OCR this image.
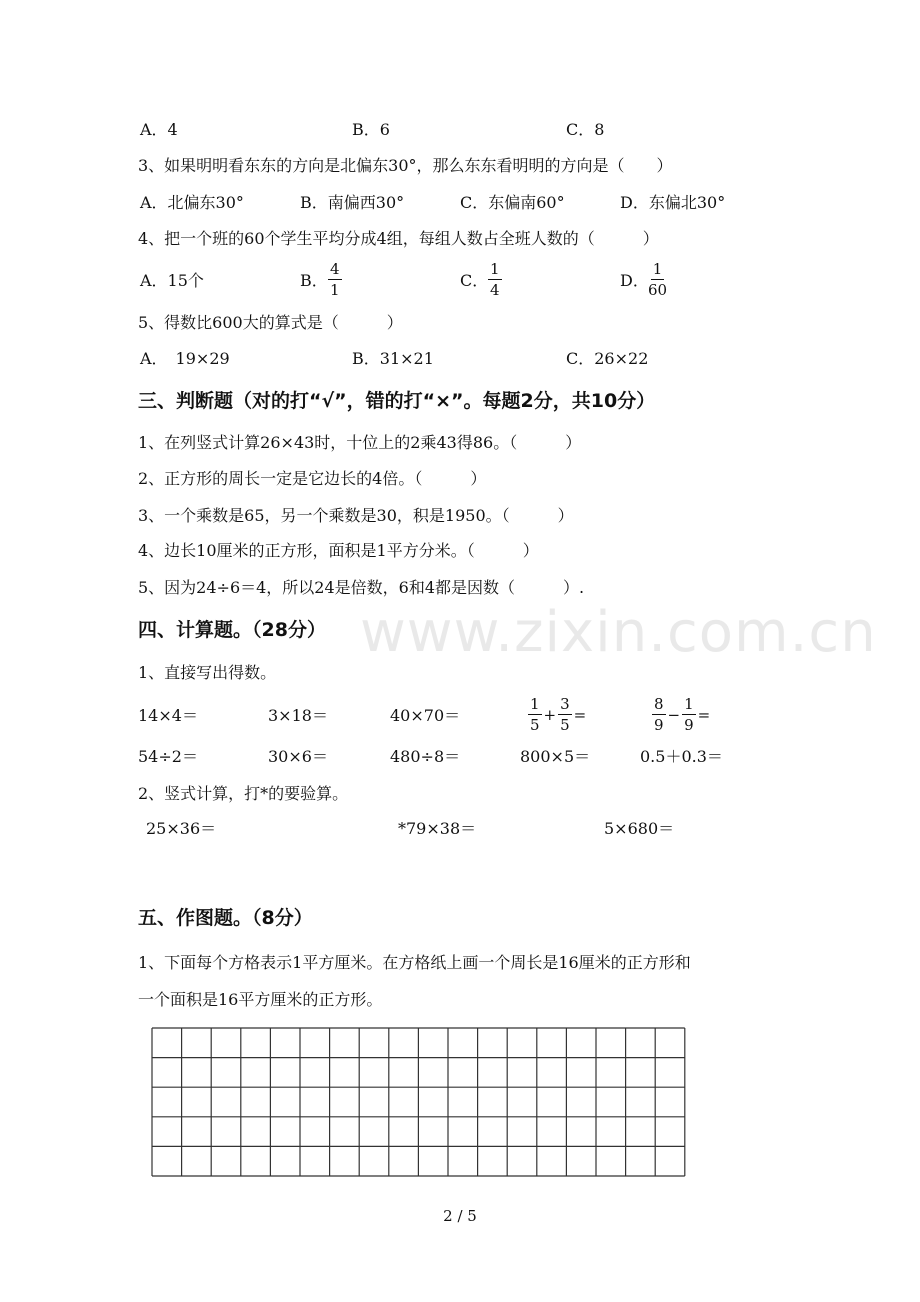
A．4	B．6	C．8
3、如果明明看东东的方向是北偏东30°，那么东东看明明的方向是（　　）
A．北偏东30°	B．南偏西30°	C．东偏南60°	D．东偏北30°
4、把一个班的60个学生平均分成4组，每组人数占全班人数的（　　　）
A．15个	B． $\frac{4}{1}$	C． $\frac{1}{4}$	D． $\frac{1}{60}$
5、得数比600大的算式是（　　　）
A．　19×29	B．31×21	C．26×22
三、判断题（对的打“√”，错的打“×”。每题2分，共10分）
1、在列竖式计算26×43时，十位上的2乘43得86。（　　　）
2、正方形的周长一定是它边长的4倍。（　　　）
3、一个乘数是65，另一个乘数是30，积是1950。（　　　）
4、边长10厘米的正方形，面积是1平方分米。（　　　）
5、因为24÷6＝4，所以24是倍数，6和4都是因数（　　　）.
www.zixin.com.cn
四、计算题。（28分）
1、直接写出得数。
14×4＝	3×18＝	40×70＝	$\frac{1}{5} + \frac{3}{5}$ =	$\frac{8}{9} - \frac{1}{9}$ =
54÷2＝	30×6＝	480÷8＝	800×5＝	0.5＋0.3＝
2、竖式计算，打*的要验算。
25×36＝	*79×38＝	5×680＝
五、作图题。（8分）
1、下面每个方格表示1平方厘米。在方格纸上画一个周长是16厘米的正方形和
一个面积是16平方厘米的正方形。
2 / 5
